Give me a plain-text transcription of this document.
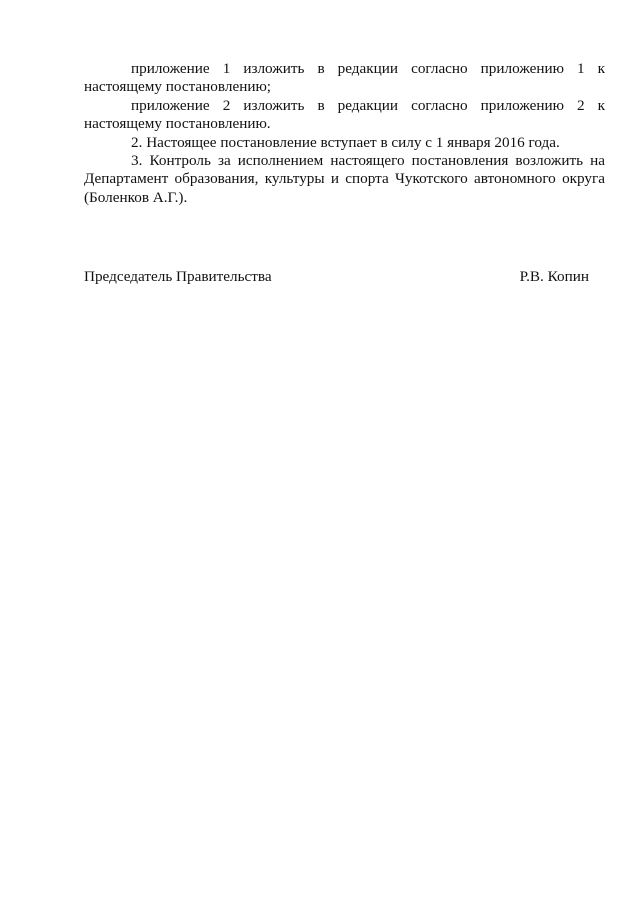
приложение 1 изложить в редакции согласно приложению 1 к настоящему постановлению;

приложение 2 изложить в редакции согласно приложению 2 к настоящему постановлению.

2. Настоящее постановление вступает в силу с 1 января 2016 года.

3. Контроль за исполнением настоящего постановления возложить на Департамент образования, культуры и спорта Чукотского автономного округа (Боленков А.Г.).

Председатель Правительства	Р.В. Копин
